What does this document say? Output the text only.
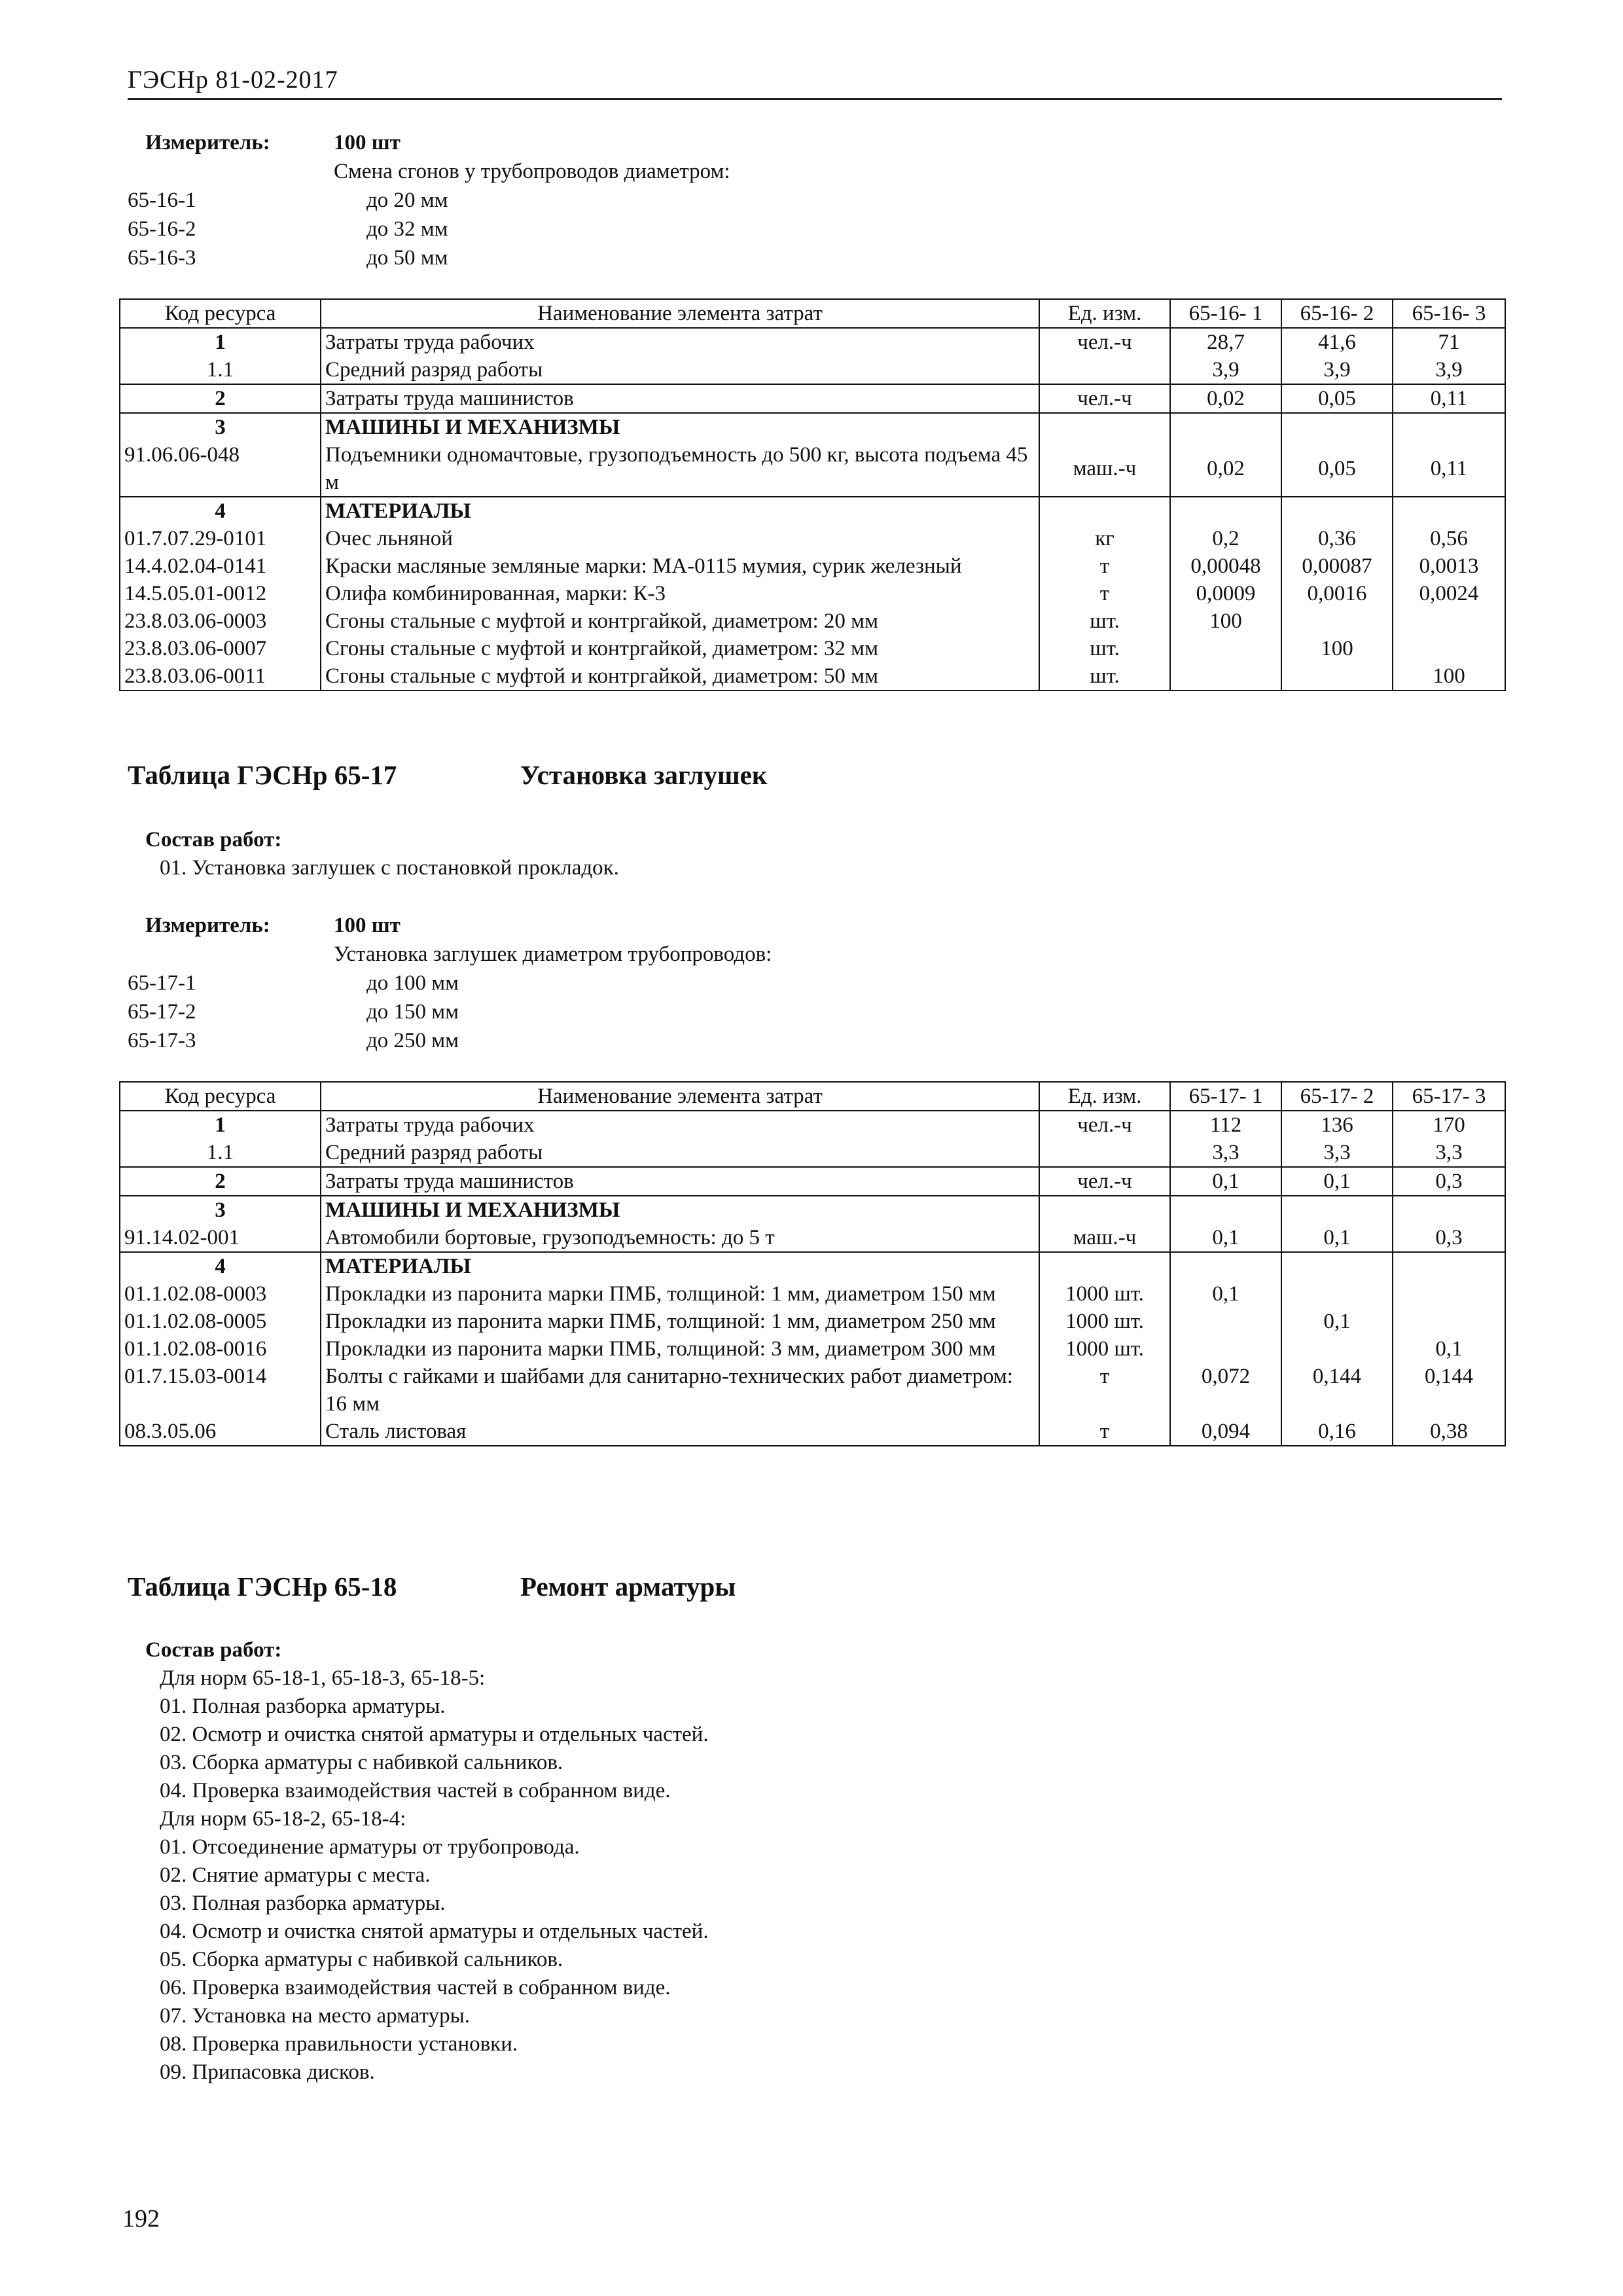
ГЭСНр 81-02-2017
Измеритель:	100 шт
Смена сгонов у трубопроводов диаметром:
65-16-1	до 20 мм
65-16-2	до 32 мм
65-16-3	до 50 мм
Код ресурса	Наименование элемента затрат	Ед. изм.	65-16- 1	65-16- 2	65-16- 3
1	Затраты труда рабочих	чел.-ч	28,7	41,6	71
1.1	Средний разряд работы		3,9	3,9	3,9
2	Затраты труда машинистов	чел.-ч	0,02	0,05	0,11
3	МАШИНЫ И МЕХАНИЗМЫ				
91.06.06-048	Подъемники одномачтовые, грузоподъемность до 500 кг, высота подъема 45 м	маш.-ч	0,02	0,05	0,11
4	МАТЕРИАЛЫ				
01.7.07.29-0101	Очес льняной	кг	0,2	0,36	0,56
14.4.02.04-0141	Краски масляные земляные марки: МА-0115 мумия, сурик железный	т	0,00048	0,00087	0,0013
14.5.05.01-0012	Олифа комбинированная, марки: К-3	т	0,0009	0,0016	0,0024
23.8.03.06-0003	Сгоны стальные с муфтой и контргайкой, диаметром: 20 мм	шт.	100		
23.8.03.06-0007	Сгоны стальные с муфтой и контргайкой, диаметром: 32 мм	шт.		100	
23.8.03.06-0011	Сгоны стальные с муфтой и контргайкой, диаметром: 50 мм	шт.			100
Таблица ГЭСНр 65-17	Установка заглушек
Состав работ:
01. Установка заглушек с постановкой прокладок.
Измеритель:	100 шт
Установка заглушек диаметром трубопроводов:
65-17-1	до 100 мм
65-17-2	до 150 мм
65-17-3	до 250 мм
Код ресурса	Наименование элемента затрат	Ед. изм.	65-17- 1	65-17- 2	65-17- 3
1	Затраты труда рабочих	чел.-ч	112	136	170
1.1	Средний разряд работы		3,3	3,3	3,3
2	Затраты труда машинистов	чел.-ч	0,1	0,1	0,3
3	МАШИНЫ И МЕХАНИЗМЫ				
91.14.02-001	Автомобили бортовые, грузоподъемность: до 5 т	маш.-ч	0,1	0,1	0,3
4	МАТЕРИАЛЫ				
01.1.02.08-0003	Прокладки из паронита марки ПМБ, толщиной: 1 мм, диаметром 150 мм	1000 шт.	0,1		
01.1.02.08-0005	Прокладки из паронита марки ПМБ, толщиной: 1 мм, диаметром 250 мм	1000 шт.		0,1	
01.1.02.08-0016	Прокладки из паронита марки ПМБ, толщиной: 3 мм, диаметром 300 мм	1000 шт.			0,1
01.7.15.03-0014	Болты с гайками и шайбами для санитарно-технических работ диаметром: 16 мм	т	0,072	0,144	0,144
08.3.05.06	Сталь листовая	т	0,094	0,16	0,38
Таблица ГЭСНр 65-18	Ремонт арматуры
Состав работ:
Для норм 65-18-1, 65-18-3, 65-18-5:
01. Полная разборка арматуры.
02. Осмотр и очистка снятой арматуры и отдельных частей.
03. Сборка арматуры с набивкой сальников.
04. Проверка взаимодействия частей в собранном виде.
Для норм 65-18-2, 65-18-4:
01. Отсоединение арматуры от трубопровода.
02. Снятие арматуры с места.
03. Полная разборка арматуры.
04. Осмотр и очистка снятой арматуры и отдельных частей.
05. Сборка арматуры с набивкой сальников.
06. Проверка взаимодействия частей в собранном виде.
07. Установка на место арматуры.
08. Проверка правильности установки.
09. Припасовка дисков.
192
